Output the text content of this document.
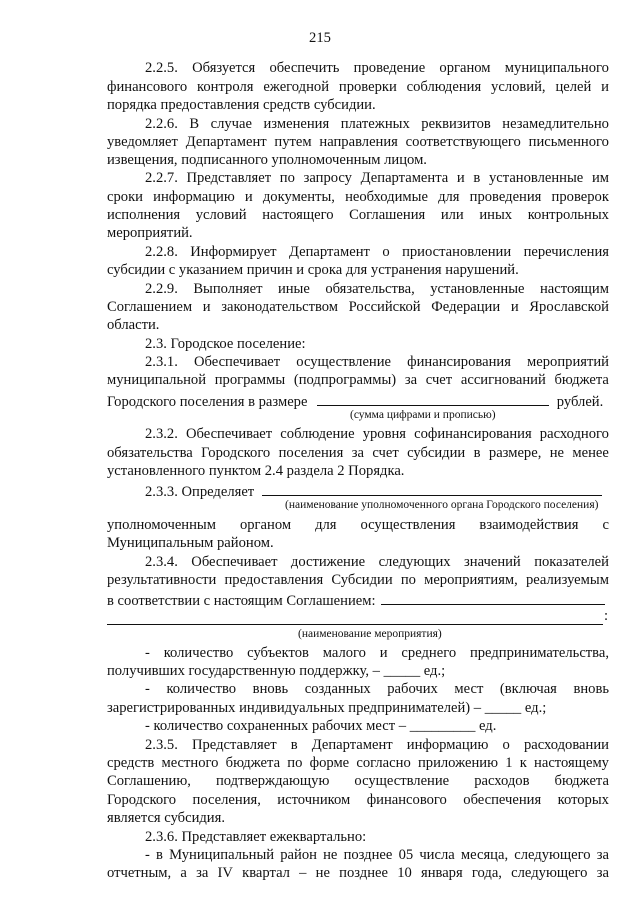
215
2.2.5. Обязуется обеспечить проведение органом муниципального
финансового контроля ежегодной проверки соблюдения условий, целей и
порядка предоставления средств субсидии.
2.2.6. В случае изменения платежных реквизитов незамедлительно
уведомляет Департамент путем направления соответствующего письменного
извещения, подписанного уполномоченным лицом.
2.2.7. Представляет по запросу Департамента и в установленные им
сроки информацию и документы, необходимые для проведения проверок
исполнения условий настоящего Соглашения или иных контрольных
мероприятий.
2.2.8. Информирует Департамент о приостановлении перечисления
субсидии с указанием причин и срока для устранения нарушений.
2.2.9. Выполняет иные обязательства, установленные настоящим
Соглашением и законодательством Российской Федерации и Ярославской
области.
2.3. Городское поселение:
2.3.1. Обеспечивает осуществление финансирования мероприятий
муниципальной программы (подпрограммы) за счет ассигнований бюджета
Городского поселения в размере	рублей.
(сумма цифрами и прописью)
2.3.2. Обеспечивает соблюдение уровня софинансирования расходного
обязательства Городского поселения за счет субсидии в размере, не менее
установленного пунктом 2.4 раздела 2 Порядка.
2.3.3. Определяет
(наименование уполномоченного органа Городского поселения)
уполномоченным органом для осуществления взаимодействия с
Муниципальным районом.
2.3.4. Обеспечивает достижение следующих значений показателей
результативности предоставления Субсидии по мероприятиям, реализуемым
в соответствии с настоящим Соглашением:
:
(наименование мероприятия)
- количество субъектов малого и среднего предпринимательства,
получивших государственную поддержку, – _____ ед.;
- количество вновь созданных рабочих мест (включая вновь
зарегистрированных индивидуальных предпринимателей) – _____ ед.;
- количество сохраненных рабочих мест – _________ ед.
2.3.5. Представляет в Департамент информацию о расходовании
средств местного бюджета по форме согласно приложению 1 к настоящему
Соглашению, подтверждающую осуществление расходов бюджета
Городского поселения, источником финансового обеспечения которых
является субсидия.
2.3.6. Представляет ежеквартально:
- в Муниципальный район не позднее 05 числа месяца, следующего за
отчетным, а за IV квартал – не позднее 10 января года, следующего за
